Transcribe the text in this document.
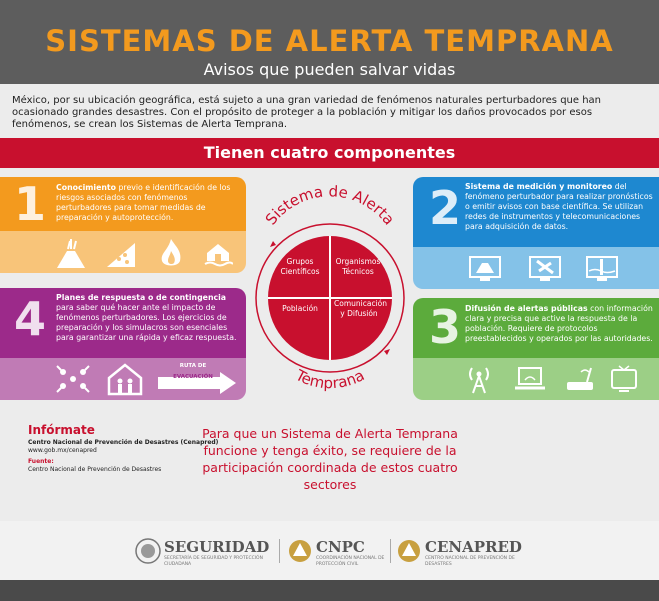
SISTEMAS DE ALERTA TEMPRANA
Avisos que pueden salvar vidas
México, por su ubicación geográfica, está sujeto a una gran variedad de fenómenos naturales perturbadores que han ocasionado grandes desastres. Con el propósito de proteger a la población y mitigar los daños provocados por esos fenómenos, se crean los Sistemas de Alerta Temprana.
Tienen cuatro componentes
1 Conocimiento previo e identificación de los riesgos asociados con fenómenos perturbadores para tomar medidas de preparación y autoprotección.
4 Planes de respuesta o de contingencia para saber qué hacer ante el impacto de fenómenos perturbadores. Los ejercicios de preparación y los simulacros son esenciales para garantizar una rápida y eficaz respuesta.
RUTA DE
EVACUACIÓN
2 Sistema de medición y monitoreo del fenómeno perturbador para realizar pronósticos o emitir avisos con base científica. Se utilizan redes de instrumentos y telecomunicaciones para adquisición de datos.
3 Difusión de alertas públicas con información clara y precisa que active la respuesta de la población. Requiere de protocolos preestablecidos y operados por las autoridades.
Sistema de Alerta
Temprana
Grupos Científicos
Organismos Técnicos
Población
Comunicación y Difusión
Infórmate
Centro Nacional de Prevención de Desastres (Cenapred)
www.gob.mx/cenapred
Fuente:
Centro Nacional de Prevención de Desastres
Para que un Sistema de Alerta Temprana funcione y tenga éxito, se requiere de la participación coordinada de estos cuatro sectores
SEGURIDAD
SECRETARÍA DE SEGURIDAD Y PROTECCIÓN CIUDADANA
CNPC
COORDINACIÓN NACIONAL DE PROTECCIÓN CIVIL
CENAPRED
CENTRO NACIONAL DE PREVENCIÓN DE DESASTRES
